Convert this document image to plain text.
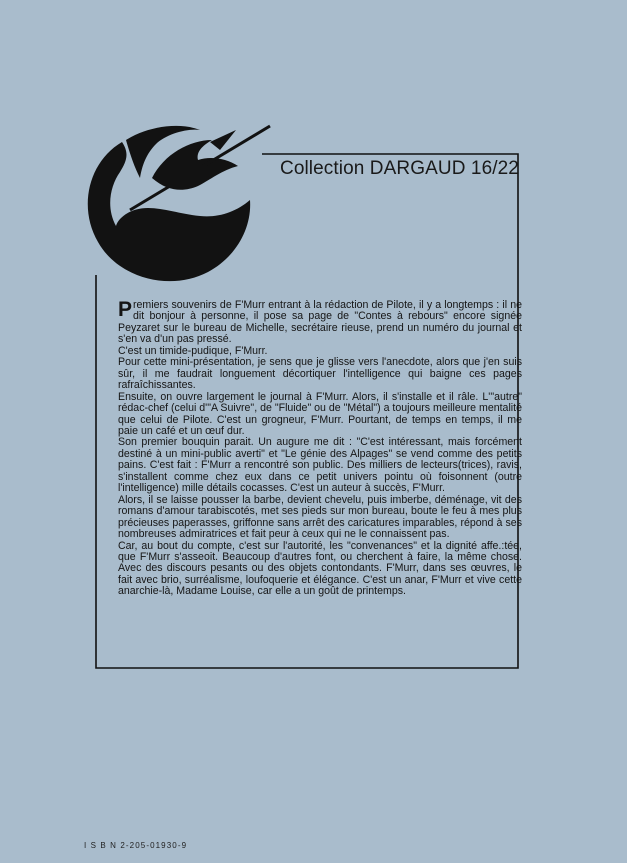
Collection DARGAUD 16/22

Premiers souvenirs de F'Murr entrant à la rédaction de Pilote, il y a longtemps : il ne dit bonjour à personne, il pose sa page de "Contes à rebours" encore signée Peyzaret sur le bureau de Michelle, secrétaire rieuse, prend un numéro du journal et s'en va d'un pas pressé.

C'est un timide-pudique, F'Murr.

Pour cette mini-présentation, je sens que je glisse vers l'anecdote, alors que j'en suis sûr, il me faudrait longuement décortiquer l'intelligence qui baigne ces pages rafraîchissantes.

Ensuite, on ouvre largement le journal à F'Murr. Alors, il s'installe et il râle. L'"autre" rédac-chef (celui d'"A Suivre", de "Fluide" ou de "Métal") a toujours meilleure mentalité que celui de Pilote. C'est un grogneur, F'Murr. Pourtant, de temps en temps, il me paie un café et un œuf dur.

Son premier bouquin parait. Un augure me dit : "C'est intéressant, mais forcément destiné à un mini-public averti" et "Le génie des Alpages" se vend comme des petits pains. C'est fait : F'Murr a rencontré son public. Des milliers de lecteurs(trices), ravis, s'installent comme chez eux dans ce petit univers pointu où foisonnent (outre l'intelligence) mille détails cocasses. C'est un auteur à succès, F'Murr.

Alors, il se laisse pousser la barbe, devient chevelu, puis imberbe, déménage, vit des romans d'amour tarabiscotés, met ses pieds sur mon bureau, boute le feu à mes plus précieuses paperasses, griffonne sans arrêt des caricatures imparables, répond à ses nombreuses admiratrices et fait peur à ceux qui ne le connaissent pas.

Car, au bout du compte, c'est sur l'autorité, les "convenances" et la dignité affe.:tée, que F'Murr s'asseoit. Beaucoup d'autres font, ou cherchent à faire, la même chose. Avec des discours pesants ou des objets contondants. F'Murr, dans ses œuvres, le fait avec brio, surréalisme, loufoquerie et élégance. C'est un anar, F'Murr et vive cette anarchie-là, Madame Louise, car elle a un goût de printemps.

I S B N 2-205-01930-9
